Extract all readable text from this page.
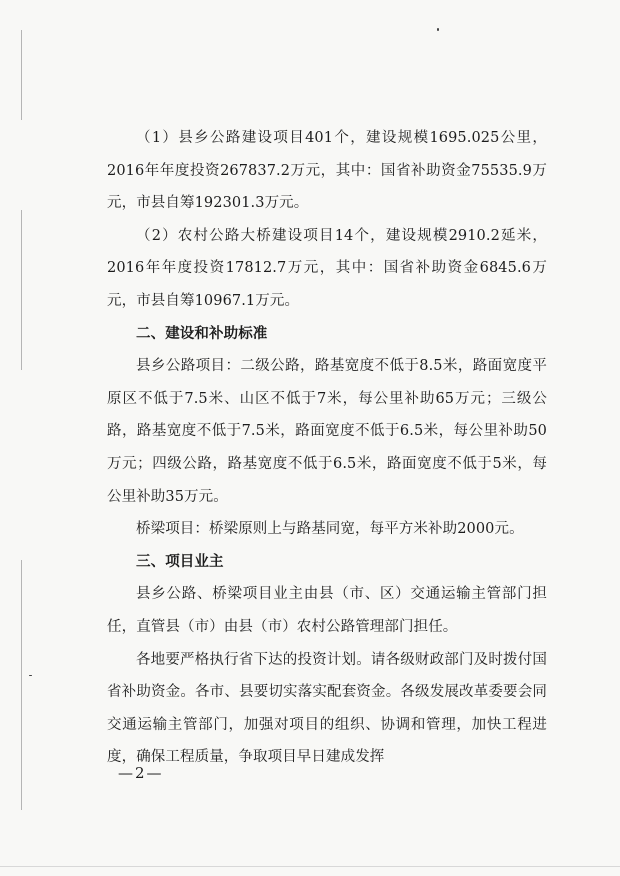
（1）县乡公路建设项目401个，建设规模1695.025公里，2016年年度投资267837.2万元，其中：国省补助资金75535.9万元，市县自筹192301.3万元。

（2）农村公路大桥建设项目14个，建设规模2910.2延米，2016年年度投资17812.7万元，其中：国省补助资金6845.6万元，市县自筹10967.1万元。

二、建设和补助标准

县乡公路项目：二级公路，路基宽度不低于8.5米，路面宽度平原区不低于7.5米、山区不低于7米，每公里补助65万元；三级公路，路基宽度不低于7.5米，路面宽度不低于6.5米，每公里补助50万元；四级公路，路基宽度不低于6.5米，路面宽度不低于5米，每公里补助35万元。

桥梁项目：桥梁原则上与路基同宽，每平方米补助2000元。

三、项目业主

县乡公路、桥梁项目业主由县（市、区）交通运输主管部门担任，直管县（市）由县（市）农村公路管理部门担任。

各地要严格执行省下达的投资计划。请各级财政部门及时拨付国省补助资金。各市、县要切实落实配套资金。各级发展改革委要会同交通运输主管部门，加强对项目的组织、协调和管理，加快工程进度，确保工程质量，争取项目早日建成发挥

—2—
